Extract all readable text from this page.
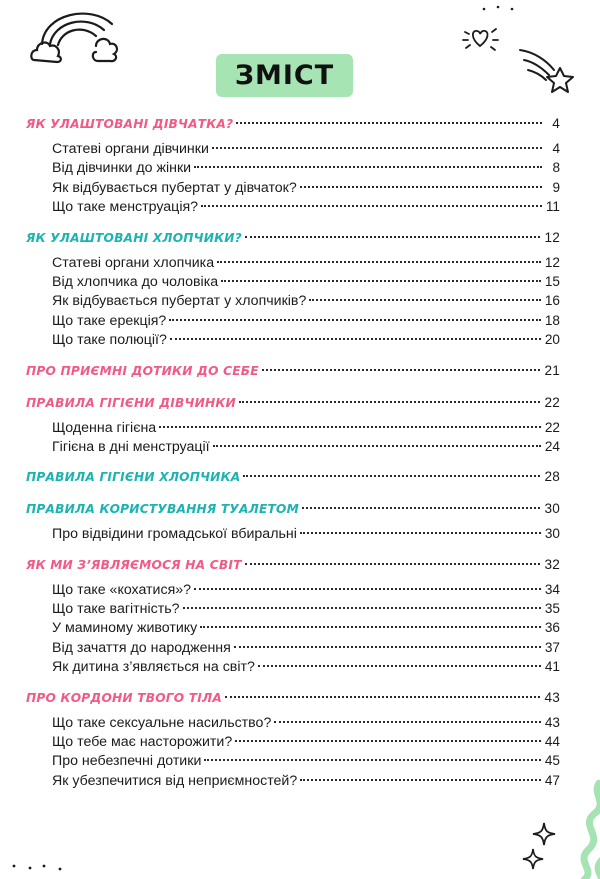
ЗМІСТ
ЯК УЛАШТОВАНІ ДІВЧАТКА?	4
Статеві органи дівчинки	4
Від дівчинки до жінки	8
Як відбувається пубертат у дівчаток?	9
Що таке менструація?	11
ЯК УЛАШТОВАНІ ХЛОПЧИКИ?	12
Статеві органи хлопчика	12
Від хлопчика до чоловіка	15
Як відбувається пубертат у хлопчиків?	16
Що таке ерекція?	18
Що таке полюції?	20
ПРО ПРИЄМНІ ДОТИКИ ДО СЕБЕ	21
ПРАВИЛА ГІГІЄНИ ДІВЧИНКИ	22
Щоденна гігієна	22
Гігієна в дні менструації	24
ПРАВИЛА ГІГІЄНИ ХЛОПЧИКА	28
ПРАВИЛА КОРИСТУВАННЯ ТУАЛЕТОМ	30
Про відвідини громадської вбиральні	30
ЯК МИ З’ЯВЛЯЄМОСЯ НА СВІТ	32
Що таке «кохатися»?	34
Що таке вагітність?	35
У маминому животику	36
Від зачаття до народження	37
Як дитина з’являється на світ?	41
ПРО КОРДОНИ ТВОГО ТІЛА	43
Що таке сексуальне насильство?	43
Що тебе має насторожити?	44
Про небезпечні дотики	45
Як убезпечитися від неприємностей?	47
